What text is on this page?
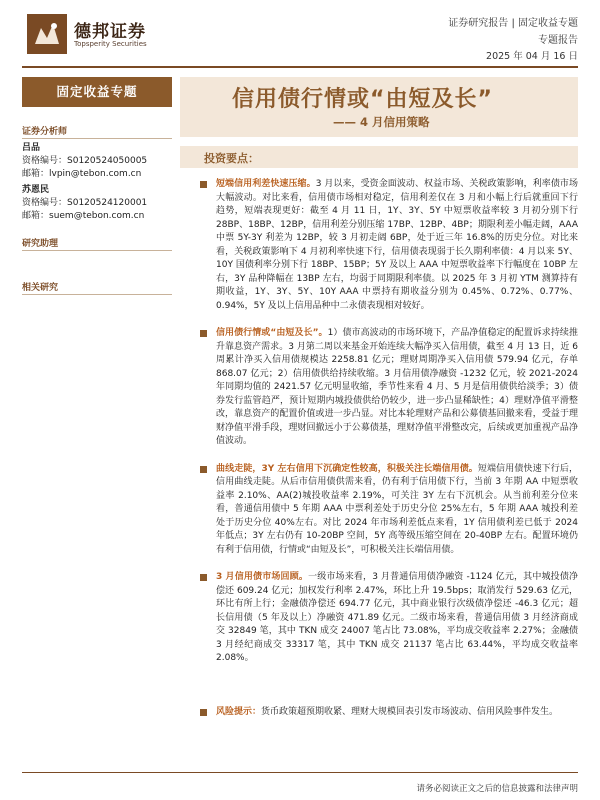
德邦证券
Topsperity Securities
证券研究报告 | 固定收益专题
专题报告
2025 年 04 月 16 日
固定收益专题
证券分析师
吕品
资格编号：S0120524050005
邮箱：lvpin@tebon.com.cn
苏恩民
资格编号：S0120524120001
邮箱：suem@tebon.com.cn
研究助理
相关研究
信用债行情或“由短及长”
—— 4 月信用策略
投资要点：
短端信用利差快速压缩。3 月以来，受资金面波动、权益市场、关税政策影响，利率债市场大幅波动。对比来看，信用债市场相对稳定，信用利差仅在 3 月和小幅上行后就重回下行趋势，短端表现更好：截至 4 月 11 日，1Y、3Y、5Y 中短票收益率较 3 月初分别下行 28BP、18BP、12BP，信用利差分别压缩 17BP、12BP、4BP；期限利差小幅走阔，AAA 中票 5Y-3Y 利差为 12BP，较 3 月初走阔 6BP，处于近三年 16.8%的历史分位。对比来看，关税政策影响下 4 月初利率快速下行，信用债表现弱于长久期利率债：4 月以来 5Y、10Y 国债利率分别下行 18BP、15BP；5Y 及以上 AAA 中短票收益率下行幅度在 10BP 左右，3Y 品种降幅在 13BP 左右，均弱于同期限利率债。以 2025 年 3 月初 YTM 测算持有期收益，1Y、3Y、5Y、10Y AAA 中票持有期收益分别为 0.45%、0.72%、0.77%、0.94%，5Y 及以上信用品种中二永债表现相对较好。
信用债行情或“由短及长”。1）债市高波动的市场环境下，产品净值稳定的配置诉求持续推升靠息资产需求。3 月第二周以来基金开始连续大幅净买入信用债，截至 4 月 13 日，近 6 周累计净买入信用债规模达 2258.81 亿元；理财周期净买入信用债 579.94 亿元，存单 868.07 亿元；2）信用债供给持续收缩。3 月信用债净融资 -1232 亿元，较 2021-2024 年同期均值的 2421.57 亿元明显收缩，季节性来看 4 月、5 月是信用债供给淡季；3）债券发行监管趋严，预计短期内城投债供给仍较少，进一步凸显稀缺性；4）理财净值平滑整改，靠息资产的配置价值或进一步凸显。对比本轮理财产品和公募债基回撤来看，受益于理财净值平滑手段，理财回撤远小于公募债基，理财净值平滑整改完，后续或更加重视产品净值波动。
曲线走陡，3Y 左右信用下沉确定性较高，积极关注长端信用债。短端信用债快速下行后，信用曲线走陡。从后市信用债供需来看，仍有利于信用债下行，当前 3 年期 AA 中短票收益率 2.10%、AA(2)城投收益率 2.19%，可关注 3Y 左右下沉机会。从当前利差分位来看，普通信用债中 5 年期 AAA 中票利差处于历史分位 25%左右，5 年期 AAA 城投利差处于历史分位 40%左右。对比 2024 年市场利差低点来看，1Y 信用债利差已低于 2024 年低点；3Y 左右仍有 10-20BP 空间，5Y 高等级压缩空间在 20-40BP 左右。配置环境仍有利于信用债，行情或“由短及长”，可积极关注长端信用债。
3 月信用债市场回顾。一级市场来看，3 月普通信用债净融资 -1124 亿元，其中城投债净偿还 609.24 亿元；加权发行利率 2.47%，环比上升 19.5bps；取消发行 529.63 亿元，环比有所上行；金融债净偿还 694.77 亿元，其中商业银行次级债净偿还 -46.3 亿元；超长信用债（5 年及以上）净融资 471.89 亿元。二级市场来看，普通信用债 3 月经济商成交 32849 笔，其中 TKN 成交 24007 笔占比 73.08%，平均成交收益率 2.27%；金融债 3 月经纪商成交 33317 笔，其中 TKN 成交 21137 笔占比 63.44%，平均成交收益率 2.08%。
风险提示：货币政策超预期收紧、理财大规模回表引发市场波动、信用风险事件发生。
请务必阅读正文之后的信息披露和法律声明
